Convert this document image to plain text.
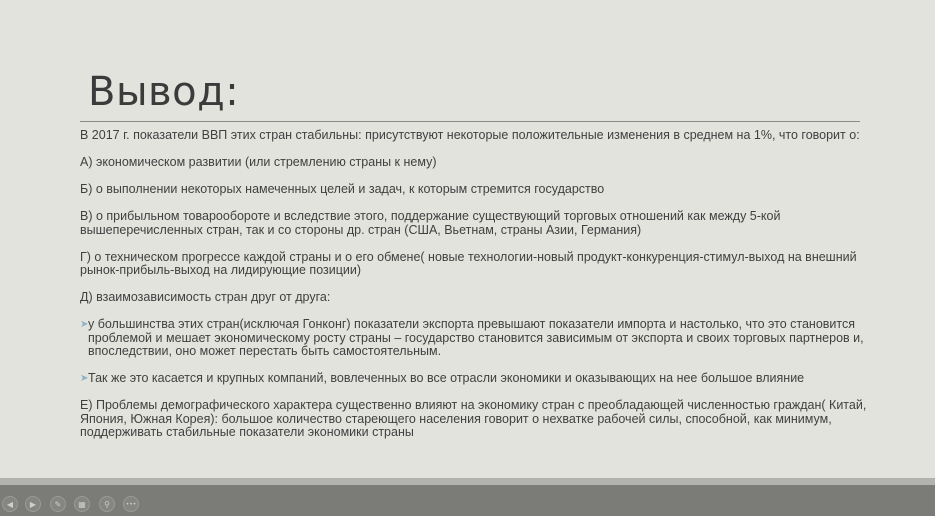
Вывод:

В 2017 г. показатели ВВП этих стран стабильны: присутствуют некоторые положительные изменения в среднем на 1%, что говорит о:

А) экономическом развитии (или стремлению страны к нему)

Б) о выполнении некоторых намеченных целей и задач, к которым стремится государство

В) о прибыльном товарообороте и вследствие этого, поддержание существующий торговых отношений как между 5-кой вышеперечисленных стран, так и со стороны др. стран (США, Вьетнам, страны Азии, Германия)

Г) о техническом прогрессе каждой страны и о его обмене( новые технологии-новый продукт-конкуренция-стимул-выход на внешний рынок-прибыль-выход на лидирующие позиции)

Д) взаимозависимость стран друг от друга:

➤ у большинства этих стран(исключая Гонконг) показатели экспорта превышают показатели импорта и настолько, что это становится проблемой и мешает экономическому росту страны – государство становится зависимым от экспорта и своих торговых партнеров и, впоследствии, оно может перестать быть самостоятельным.
➤ Так же это касается и крупных компаний, вовлеченных во все отрасли экономики и оказывающих на нее большое влияние

Е) Проблемы демографического характера существенно влияют на экономику стран с преобладающей численностью граждан( Китай, Япония, Южная Корея): большое количество стареющего населения говорит о нехватке рабочей силы, способной, как минимум, поддерживать стабильные показатели экономики страны

◀ ▶ ✎ ▦ ⚲	•••
